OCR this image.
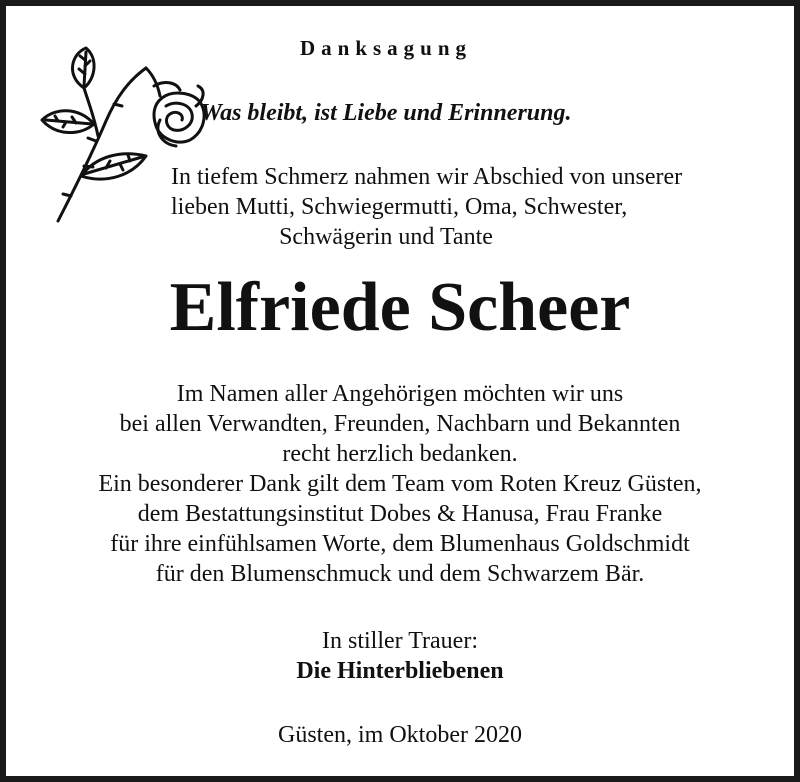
Danksagung
Was bleibt, ist Liebe und Erinnerung.
In tiefem Schmerz nahmen wir Abschied von unserer
lieben Mutti, Schwiegermutti, Oma, Schwester,
Schwägerin und Tante
Elfriede Scheer
Im Namen aller Angehörigen möchten wir uns
bei allen Verwandten, Freunden, Nachbarn und Bekannten
recht herzlich bedanken.
Ein besonderer Dank gilt dem Team vom Roten Kreuz Güsten,
dem Bestattungsinstitut Dobes & Hanusa, Frau Franke
für ihre einfühlsamen Worte, dem Blumenhaus Goldschmidt
für den Blumenschmuck und dem Schwarzem Bär.
In stiller Trauer:
Die Hinterbliebenen
Güsten, im Oktober 2020
